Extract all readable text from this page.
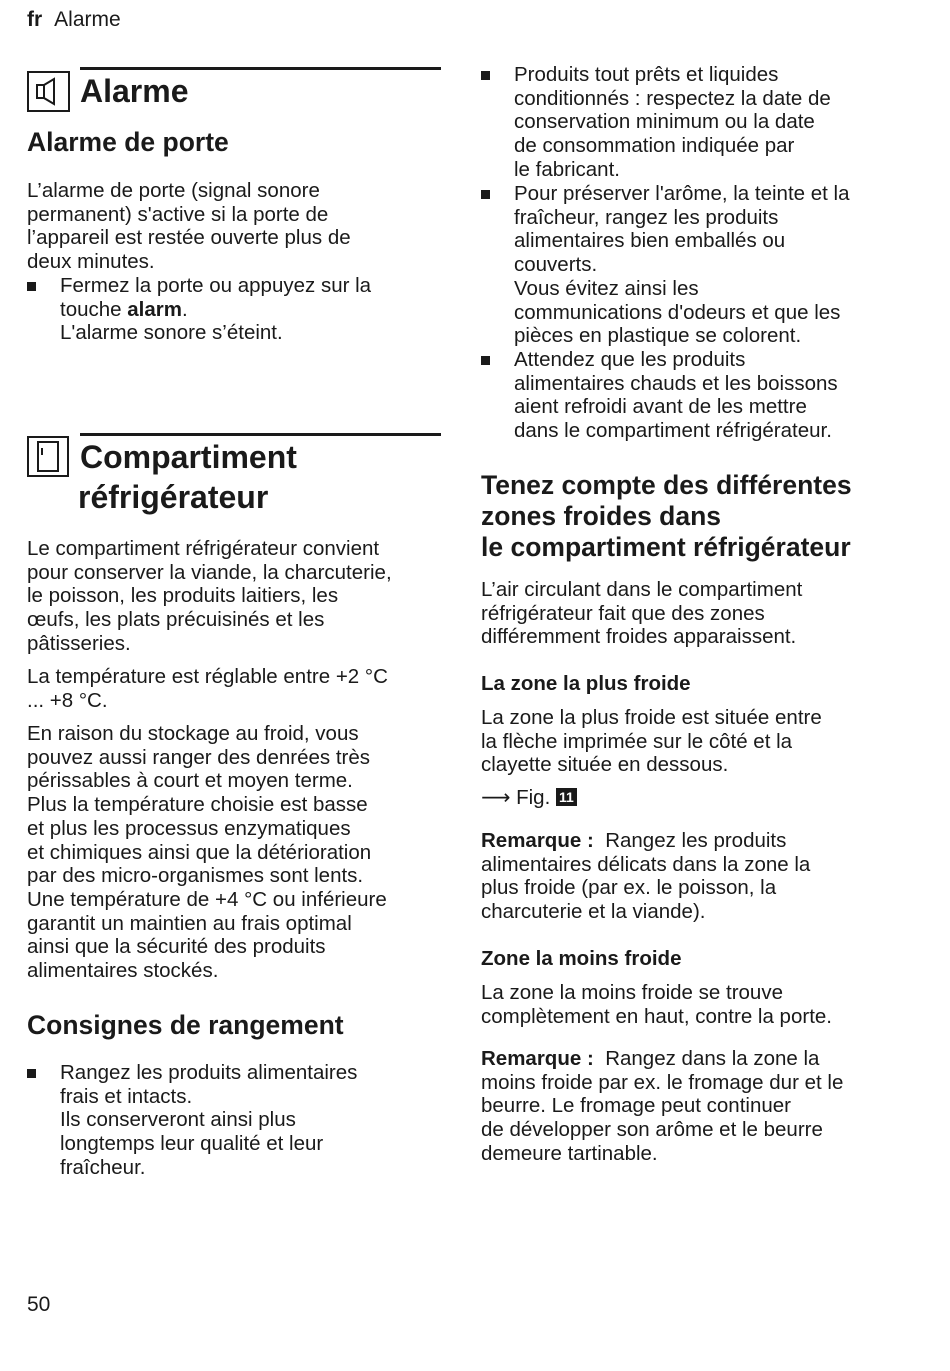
fr Alarme
Alarme
Alarme de porte
L’alarme de porte (signal sonore
permanent) s'active si la porte de
l’appareil est restée ouverte plus de
deux minutes.
Fermez la porte ou appuyez sur la
touche alarm.
L'alarme sonore s’éteint.
Compartiment
réfrigérateur
Le compartiment réfrigérateur convient
pour conserver la viande, la charcuterie,
le poisson, les produits laitiers, les
œufs, les plats précuisinés et les
pâtisseries.
La température est réglable entre +2 °C
... +8 °C.
En raison du stockage au froid, vous
pouvez aussi ranger des denrées très
périssables à court et moyen terme.
Plus la température choisie est basse
et plus les processus enzymatiques
et chimiques ainsi que la détérioration
par des micro-organismes sont lents.
Une température de +4 °C ou inférieure
garantit un maintien au frais optimal
ainsi que la sécurité des produits
alimentaires stockés.
Consignes de rangement
Rangez les produits alimentaires
frais et intacts.
Ils conserveront ainsi plus
longtemps leur qualité et leur
fraîcheur.
Produits tout prêts et liquides
conditionnés : respectez la date de
conservation minimum ou la date
de consommation indiquée par
le fabricant.
Pour préserver l'arôme, la teinte et la
fraîcheur, rangez les produits
alimentaires bien emballés ou
couverts.
Vous évitez ainsi les
communications d'odeurs et que les
pièces en plastique se colorent.
Attendez que les produits
alimentaires chauds et les boissons
aient refroidi avant de les mettre
dans le compartiment réfrigérateur.
Tenez compte des différentes
zones froides dans
le compartiment réfrigérateur
L’air circulant dans le compartiment
réfrigérateur fait que des zones
différemment froides apparaissent.
La zone la plus froide
La zone la plus froide est située entre
la flèche imprimée sur le côté et la
clayette située en dessous.
⟶ Fig. 11
Remarque : Rangez les produits
alimentaires délicats dans la zone la
plus froide (par ex. le poisson, la
charcuterie et la viande).
Zone la moins froide
La zone la moins froide se trouve
complètement en haut, contre la porte.
Remarque : Rangez dans la zone la
moins froide par ex. le fromage dur et le
beurre. Le fromage peut continuer
de développer son arôme et le beurre
demeure tartinable.
50
